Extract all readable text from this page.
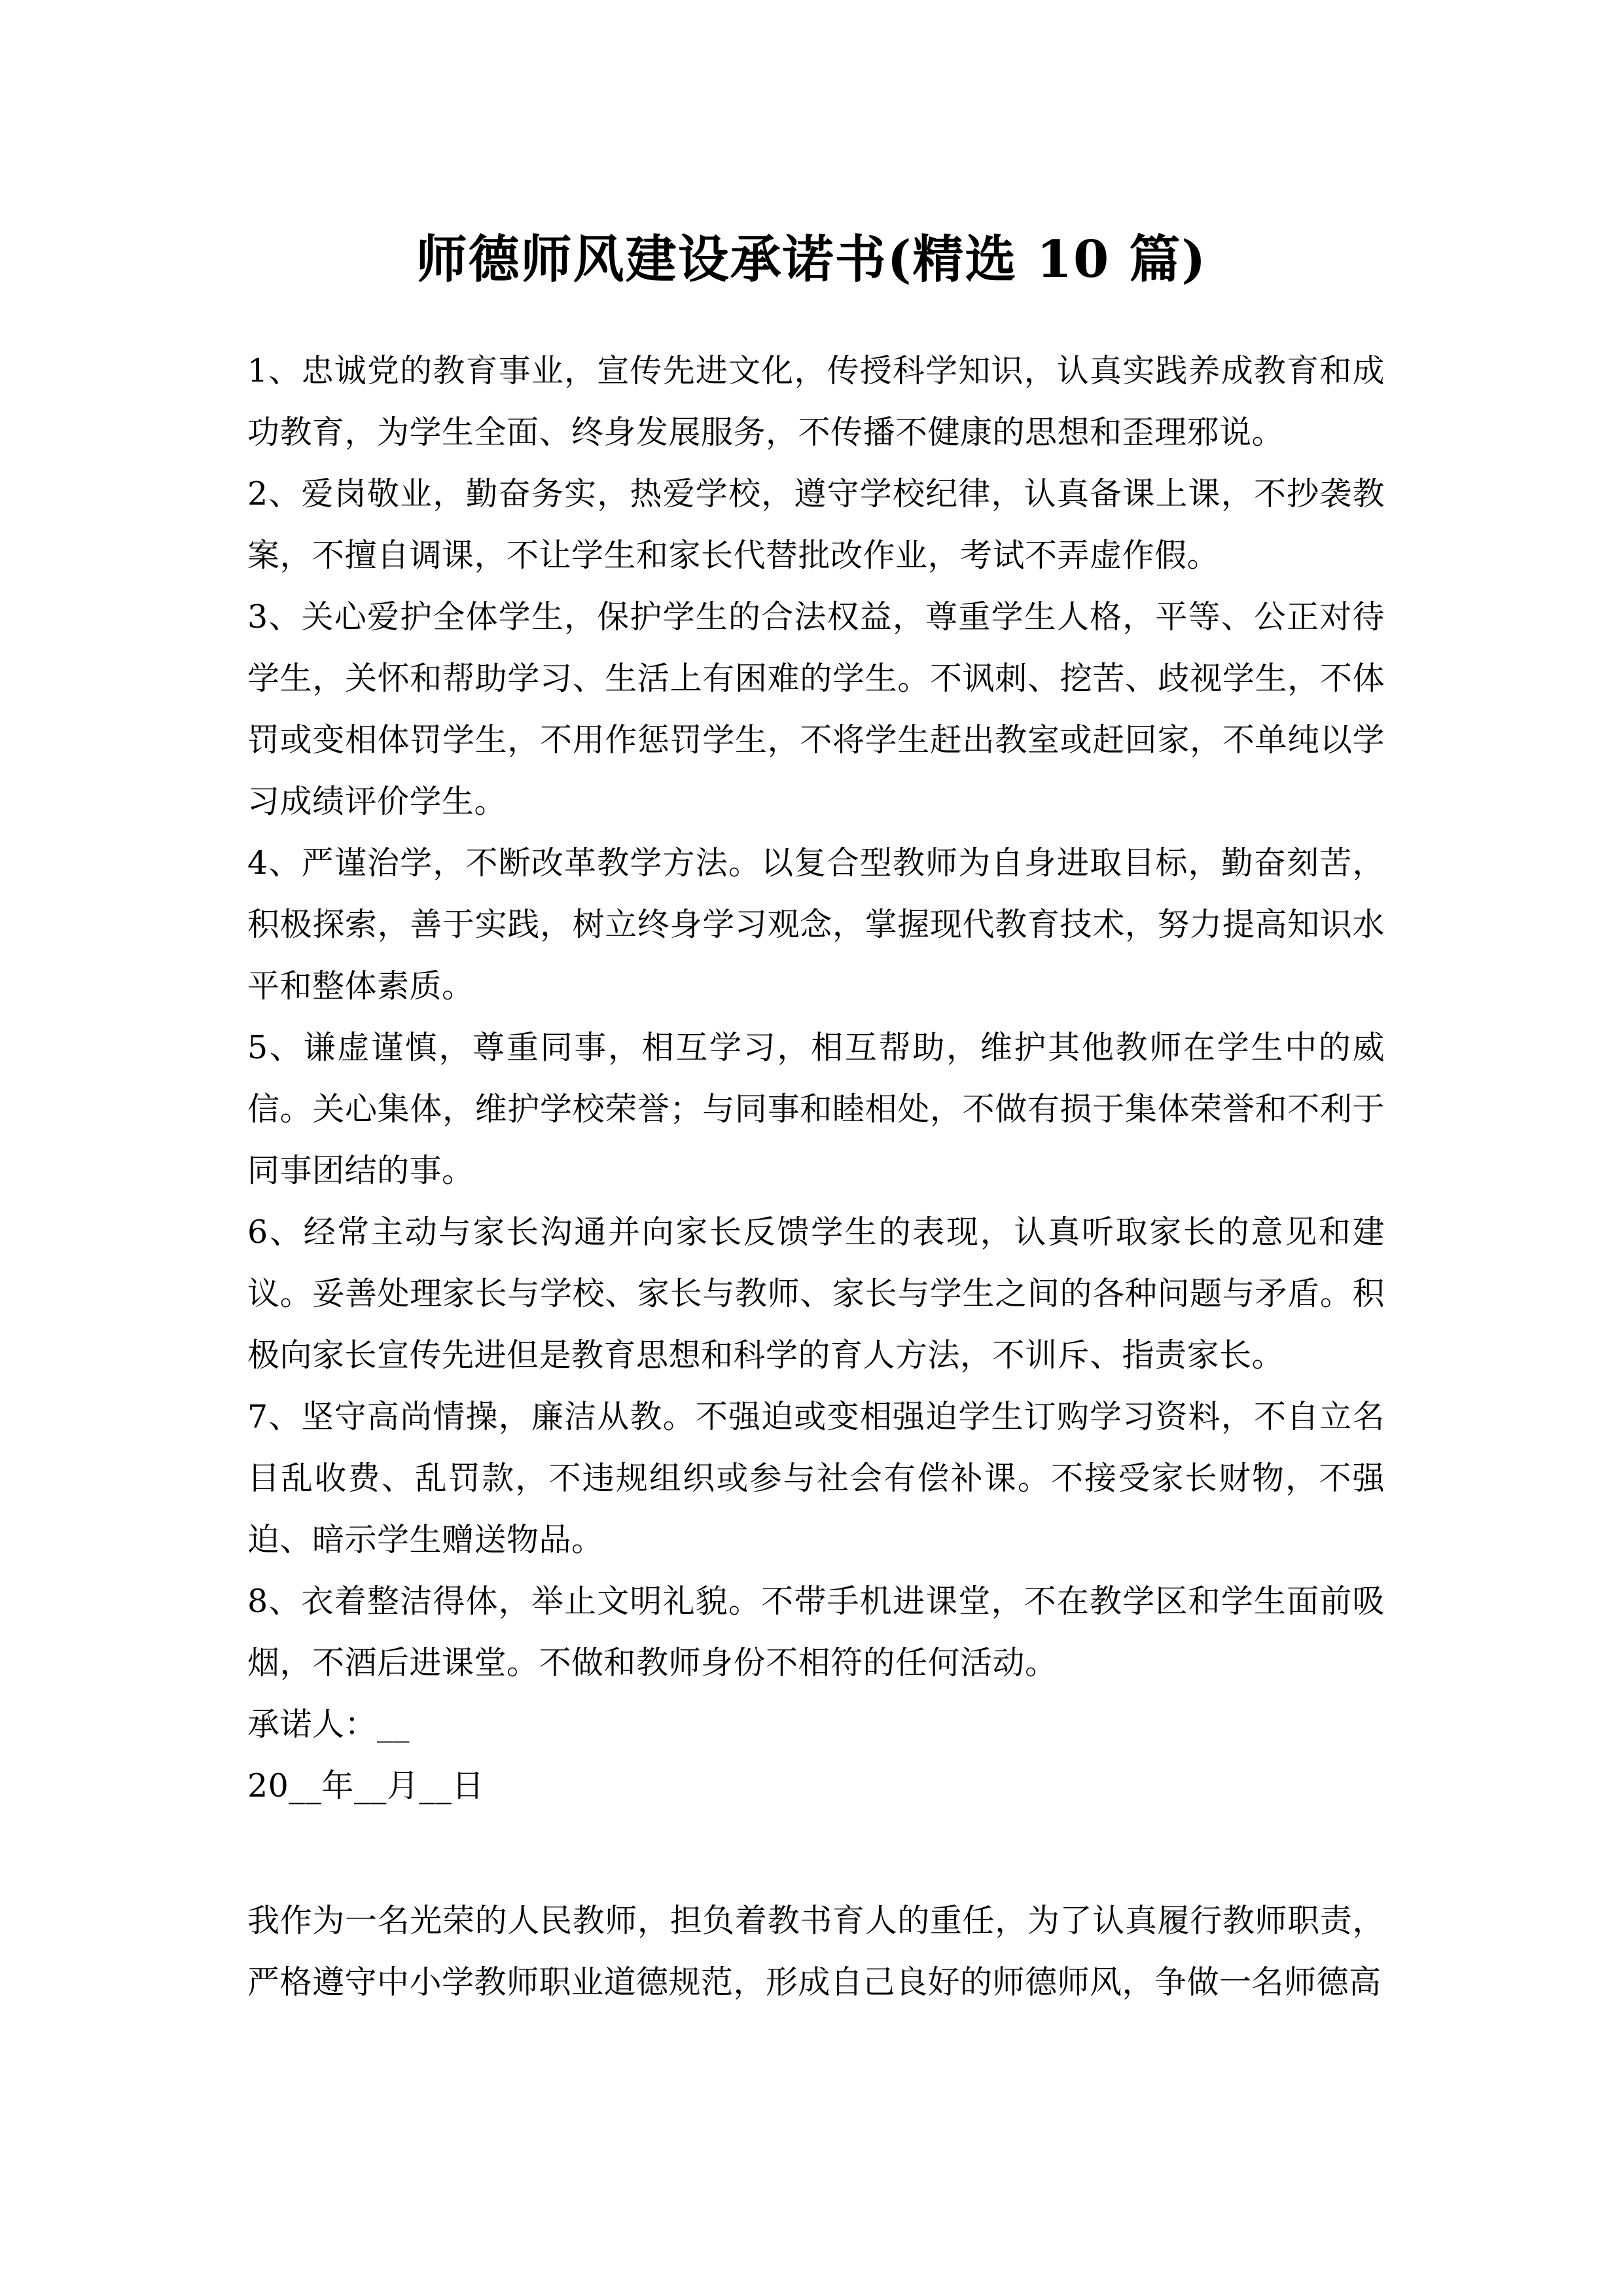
师德师风建设承诺书(精选 10 篇)

1、忠诚党的教育事业，宣传先进文化，传授科学知识，认真实践养成教育和成功教育，为学生全面、终身发展服务，不传播不健康的思想和歪理邪说。

2、爱岗敬业，勤奋务实，热爱学校，遵守学校纪律，认真备课上课，不抄袭教案，不擅自调课，不让学生和家长代替批改作业，考试不弄虚作假。

3、关心爱护全体学生，保护学生的合法权益，尊重学生人格，平等、公正对待学生，关怀和帮助学习、生活上有困难的学生。不讽刺、挖苦、歧视学生，不体罚或变相体罚学生，不用作惩罚学生，不将学生赶出教室或赶回家，不单纯以学习成绩评价学生。

4、严谨治学，不断改革教学方法。以复合型教师为自身进取目标，勤奋刻苦，积极探索，善于实践，树立终身学习观念，掌握现代教育技术，努力提高知识水平和整体素质。

5、谦虚谨慎，尊重同事，相互学习，相互帮助，维护其他教师在学生中的威信。关心集体，维护学校荣誉；与同事和睦相处，不做有损于集体荣誉和不利于同事团结的事。

6、经常主动与家长沟通并向家长反馈学生的表现，认真听取家长的意见和建议。妥善处理家长与学校、家长与教师、家长与学生之间的各种问题与矛盾。积极向家长宣传先进但是教育思想和科学的育人方法，不训斥、指责家长。

7、坚守高尚情操，廉洁从教。不强迫或变相强迫学生订购学习资料，不自立名目乱收费、乱罚款，不违规组织或参与社会有偿补课。不接受家长财物，不强迫、暗示学生赠送物品。

8、衣着整洁得体，举止文明礼貌。不带手机进课堂，不在教学区和学生面前吸烟，不酒后进课堂。不做和教师身份不相符的任何活动。

承诺人：__

20__年__月__日

我作为一名光荣的人民教师，担负着教书育人的重任，为了认真履行教师职责，严格遵守中小学教师职业道德规范，形成自己良好的师德师风，争做一名师德高
